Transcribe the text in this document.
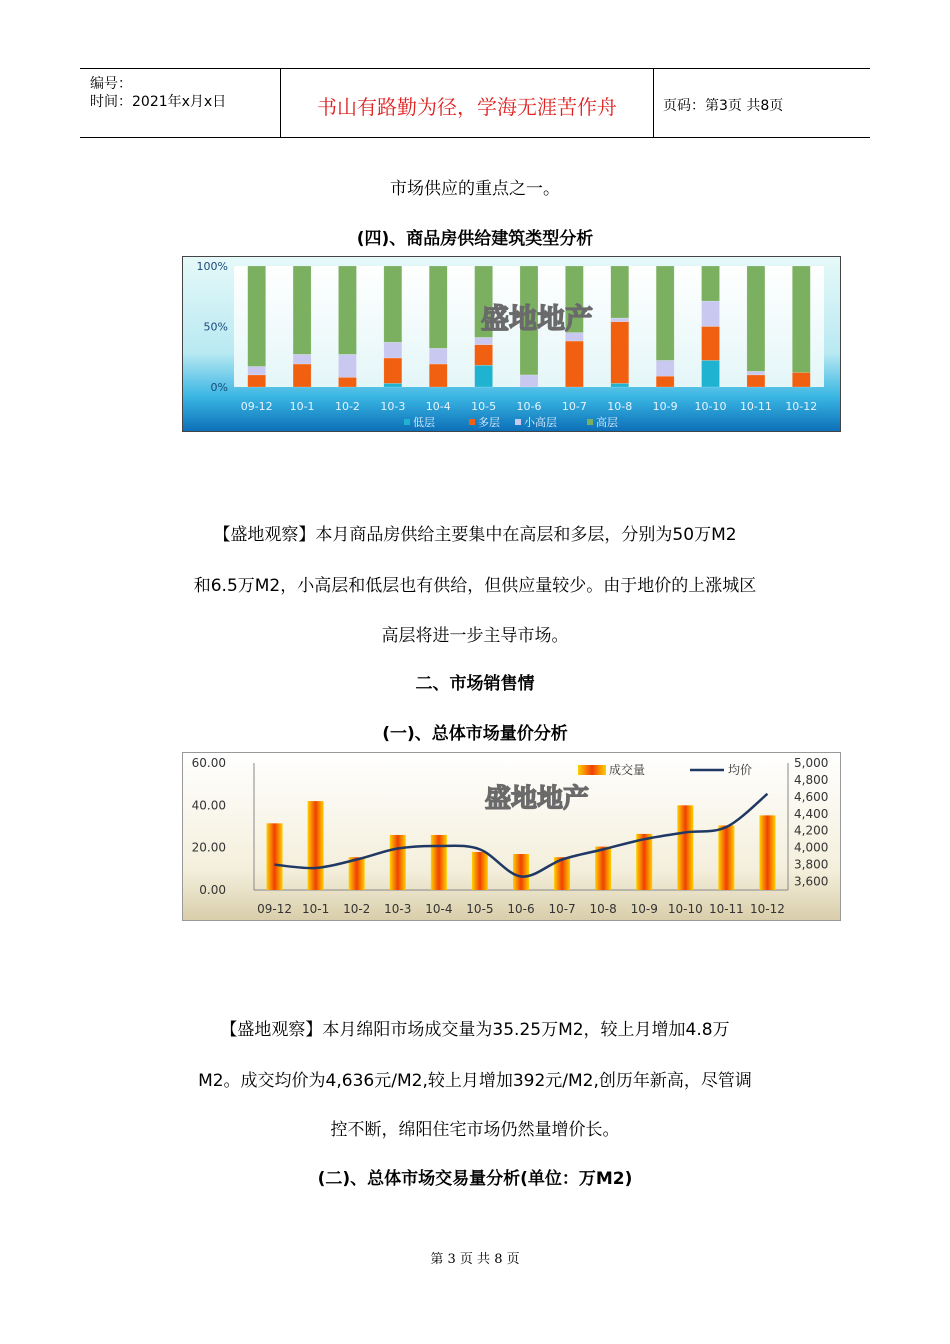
编号：
时间：2021年x月x日	书山有路勤为径，学海无涯苦作舟	页码：第3页 共8页
市场供应的重点之一。
(四)、商品房供给建筑类型分析
100%
50%
0%
09-12 10-1 10-2 10-3 10-4 10-5 10-6 10-7 10-8 10-9 10-10 10-11 10-12
低层	多层 小高层	高层
盛地地产
【盛地观察】本月商品房供给主要集中在高层和多层，分别为50万M2
和6.5万M2，小高层和低层也有供给，但供应量较少。由于地价的上涨城区
高层将进一步主导市场。
二、市场销售情
(一)、总体市场量价分析
60.00
40.00
20.00
0.00
5,000
4,800
4,600
4,400
4,200
4,000
3,800
3,600
09-12 10-1 10-2 10-3 10-4 10-5 10-6 10-7 10-8 10-9 10-10 10-11 10-12
成交量	均价
盛地地产
【盛地观察】本月绵阳市场成交量为35.25万M2，较上月增加4.8万
M2。成交均价为4,636元/M2,较上月增加392元/M2,创历年新高，尽管调
控不断，绵阳住宅市场仍然量增价长。
(二)、总体市场交易量分析(单位：万M2)
第 3 页 共 8 页
